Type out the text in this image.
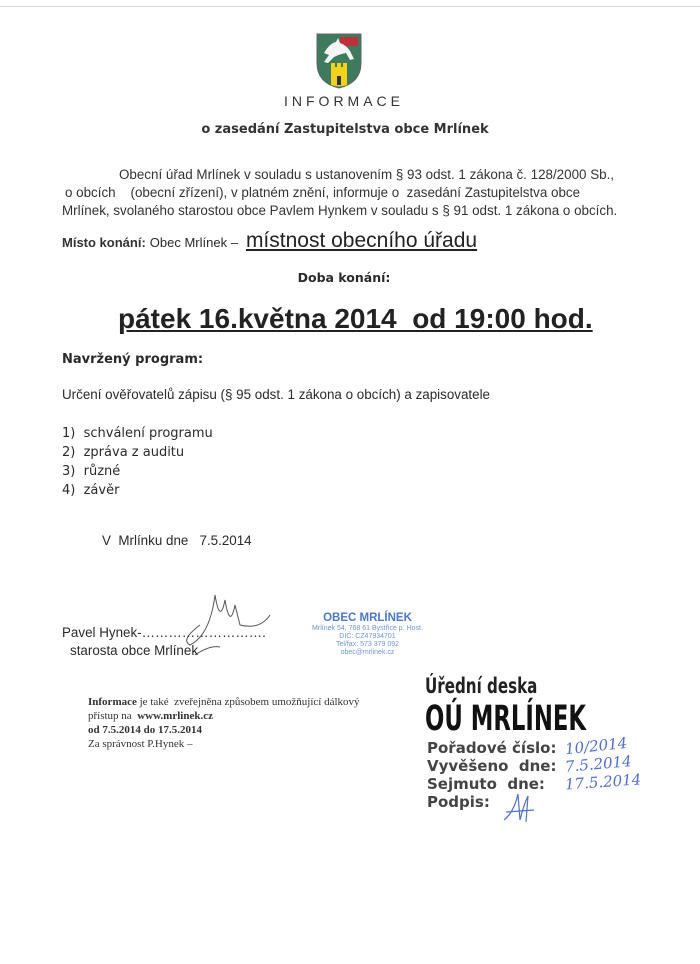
INFORMACE
o zasedání Zastupitelstva obce Mrlínek
Obecní úřad Mrlínek v souladu s ustanovením § 93 odst. 1 zákona č. 128/2000 Sb.,
o obcích    (obecní zřízení), v platném znění, informuje o  zasedání Zastupitelstva obce
Mrlínek, svolaného starostou obce Pavlem Hynkem v souladu s § 91 odst. 1 zákona o obcích.
Místo konání: Obec Mrlínek – místnost obecního úřadu
Doba konání:
pátek 16.května 2014  od 19:00 hod.
Navržený program:
Určení ověřovatelů zápisu (§ 95 odst. 1 zákona o obcích) a zapisovatele
1)  schválení programu
2)  zpráva z auditu
3)  různé
4)  závěr
V  Mrlínku dne   7.5.2014
Pavel Hynek-……………………….
starosta obce Mrlínek
OBEC MRLÍNEK
Mrlínek 54, 768 61 Bystřice p. Host.
DIČ: CZ47934701
Tel/fax: 573 379 092
obec@mrlinek.cz
Informace je také  zveřejněna způsobem umožňující dálkový
přístup na  www.mrlinek.cz
od 7.5.2014 do 17.5.2014
Za správnost P.Hynek –
Úřední deska
OÚ MRLÍNEK
Pořadové číslo:
Vyvěšeno  dne:
Sejmuto  dne:
Podpis:
10/2014
7.5.2014
17.5.2014
